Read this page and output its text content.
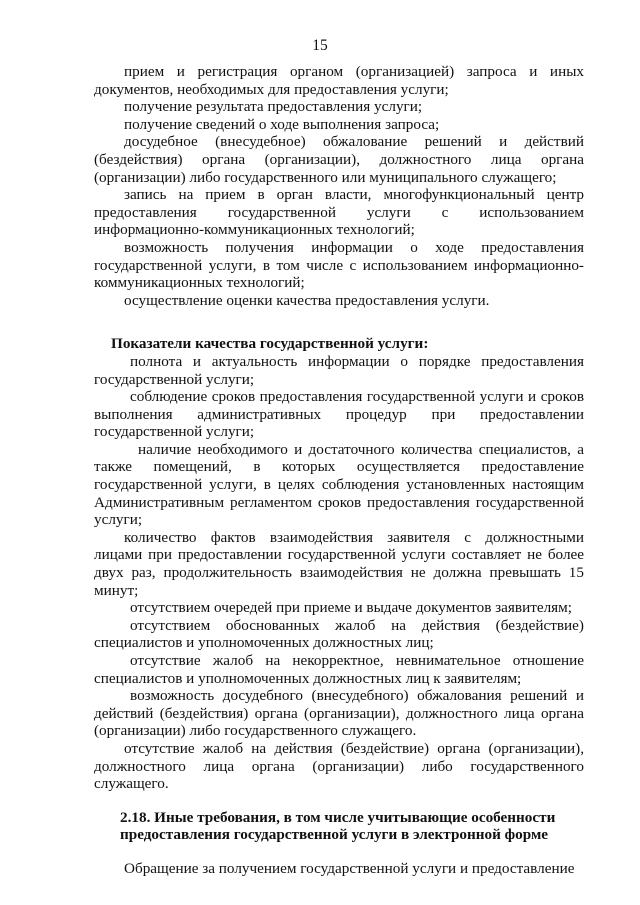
15

прием и регистрация органом (организацией) запроса и иных документов, необходимых для предоставления услуги;

получение результата предоставления услуги;

получение сведений о ходе выполнения запроса;

досудебное (внесудебное) обжалование решений и действий (бездействия) органа (организации), должностного лица органа (организации) либо государственного или муниципального служащего;

запись на прием в орган власти, многофункциональный центр предоставления государственной услуги с использованием информационно-коммуникационных технологий;

возможность получения информации о ходе предоставления государственной услуги, в том числе с использованием информационно-коммуникационных технологий;

осуществление оценки качества предоставления услуги.

Показатели качества государственной услуги:

полнота и актуальность информации о порядке предоставления государственной услуги;

соблюдение сроков предоставления государственной услуги и сроков выполнения административных процедур при предоставлении государственной услуги;

наличие необходимого и достаточного количества специалистов, а также помещений, в которых осуществляется предоставление государственной услуги, в целях соблюдения установленных настоящим Административным регламентом сроков предоставления государственной услуги;

количество фактов взаимодействия заявителя с должностными лицами при предоставлении государственной услуги составляет не более двух раз, продолжительность взаимодействия не должна превышать 15 минут;

отсутствием очередей при приеме и выдаче документов заявителям;

отсутствием обоснованных жалоб на действия (бездействие) специалистов и уполномоченных должностных лиц;

отсутствие жалоб на некорректное, невнимательное отношение специалистов и уполномоченных должностных лиц к заявителям;

возможность досудебного (внесудебного) обжалования решений и действий (бездействия) органа (организации), должностного лица органа (организации) либо государственного служащего.

отсутствие жалоб на действия (бездействие) органа (организации), должностного лица органа (организации) либо государственного служащего.

2.18. Иные требования, в том числе учитывающие особенности предоставления государственной услуги в электронной форме

Обращение за получением государственной услуги и предоставление
